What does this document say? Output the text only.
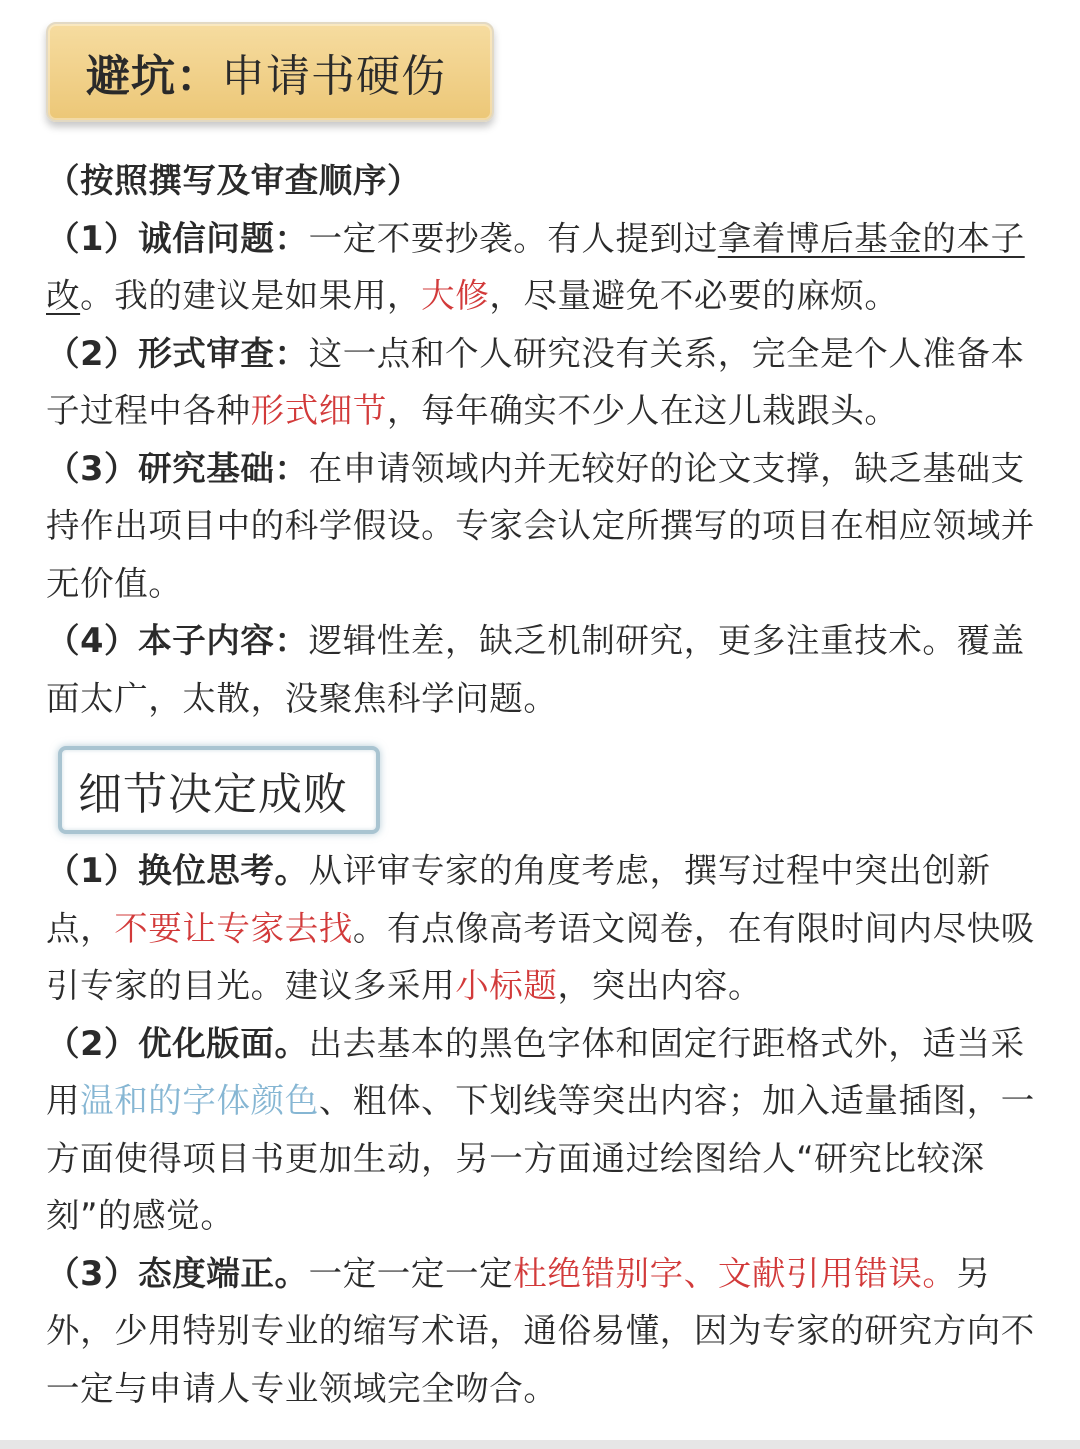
避坑： 申请书硬伤

（按照撰写及审查顺序）

（1）诚信问题：一定不要抄袭。有人提到过拿着博后基金的本子改。我的建议是如果用，大修，尽量避免不必要的麻烦。

（2）形式审查：这一点和个人研究没有关系，完全是个人准备本子过程中各种形式细节，每年确实不少人在这儿栽跟头。

（3）研究基础：在申请领域内并无较好的论文支撑，缺乏基础支持作出项目中的科学假设。专家会认定所撰写的项目在相应领域并无价值。

（4）本子内容：逻辑性差，缺乏机制研究，更多注重技术。覆盖面太广，太散，没聚焦科学问题。

细节决定成败

（1）换位思考。从评审专家的角度考虑，撰写过程中突出创新点，不要让专家去找。有点像高考语文阅卷，在有限时间内尽快吸引专家的目光。建议多采用小标题，突出内容。

（2）优化版面。出去基本的黑色字体和固定行距格式外，适当采用温和的字体颜色、粗体、下划线等突出内容；加入适量插图，一方面使得项目书更加生动，另一方面通过绘图给人“研究比较深刻”的感觉。

（3）态度端正。一定一定一定杜绝错别字、文献引用错误。另外，少用特别专业的缩写术语，通俗易懂，因为专家的研究方向不一定与申请人专业领域完全吻合。
